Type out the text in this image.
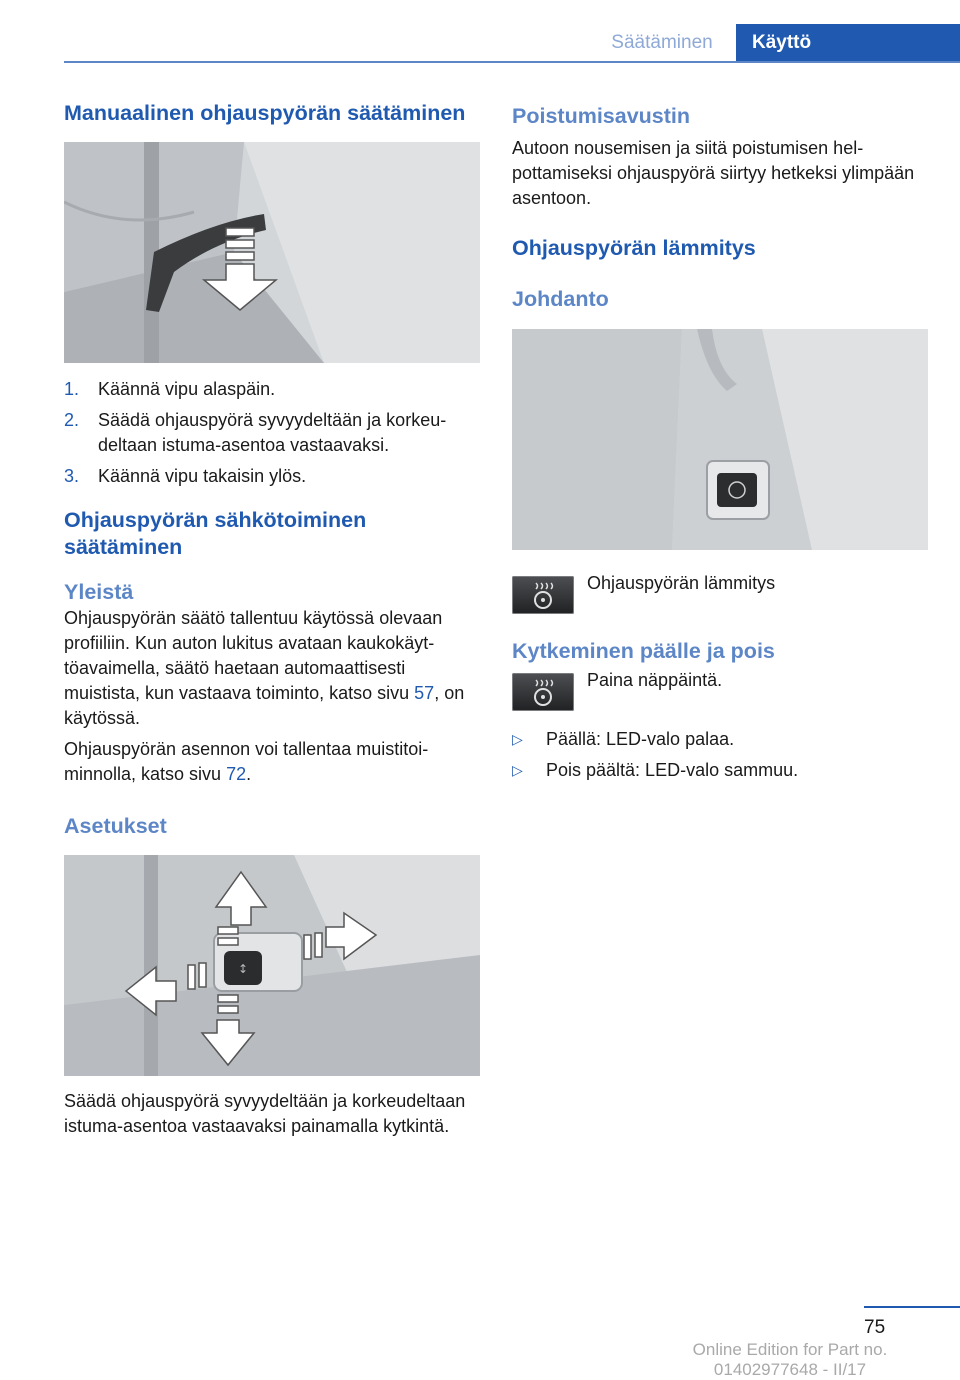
Säätäminen	Käyttö
Manuaalinen ohjauspyörän säätäminen
1. Käännä vipu alaspäin.
2. Säädä ohjauspyörä syvyydeltään ja korkeudeltaan istuma-asentoa vastaavaksi.
3. Käännä vipu takaisin ylös.
Ohjauspyörän sähkötoiminen säätäminen
Yleistä

Ohjauspyörän säätö tallentuu käytössä olevaan profiiliin. Kun auton lukitus avataan kaukokäyttöavaimella, säätö haetaan automaattisesti muistista, kun vastaava toiminto, katso sivu 57, on käytössä.

Ohjauspyörän asennon voi tallentaa muistitoiminnolla, katso sivu 72.

Asetukset
↕

Säädä ohjauspyörä syvyydeltään ja korkeudeltaan istuma-asentoa vastaavaksi painamalla kytkintä.

Poistumisavustin

Autoon nousemisen ja siitä poistumisen helpottamiseksi ohjauspyörä siirtyy hetkeksi ylimpään asentoon.

Ohjauspyörän lämmitys
Johdanto
Ohjauspyörän lämmitys
Kytkeminen päälle ja pois
Paina näppäintä.
▷ Päällä: LED-valo palaa.
▷ Pois päältä: LED-valo sammuu.
75
Online Edition for Part no. 01402977648 - II/17
